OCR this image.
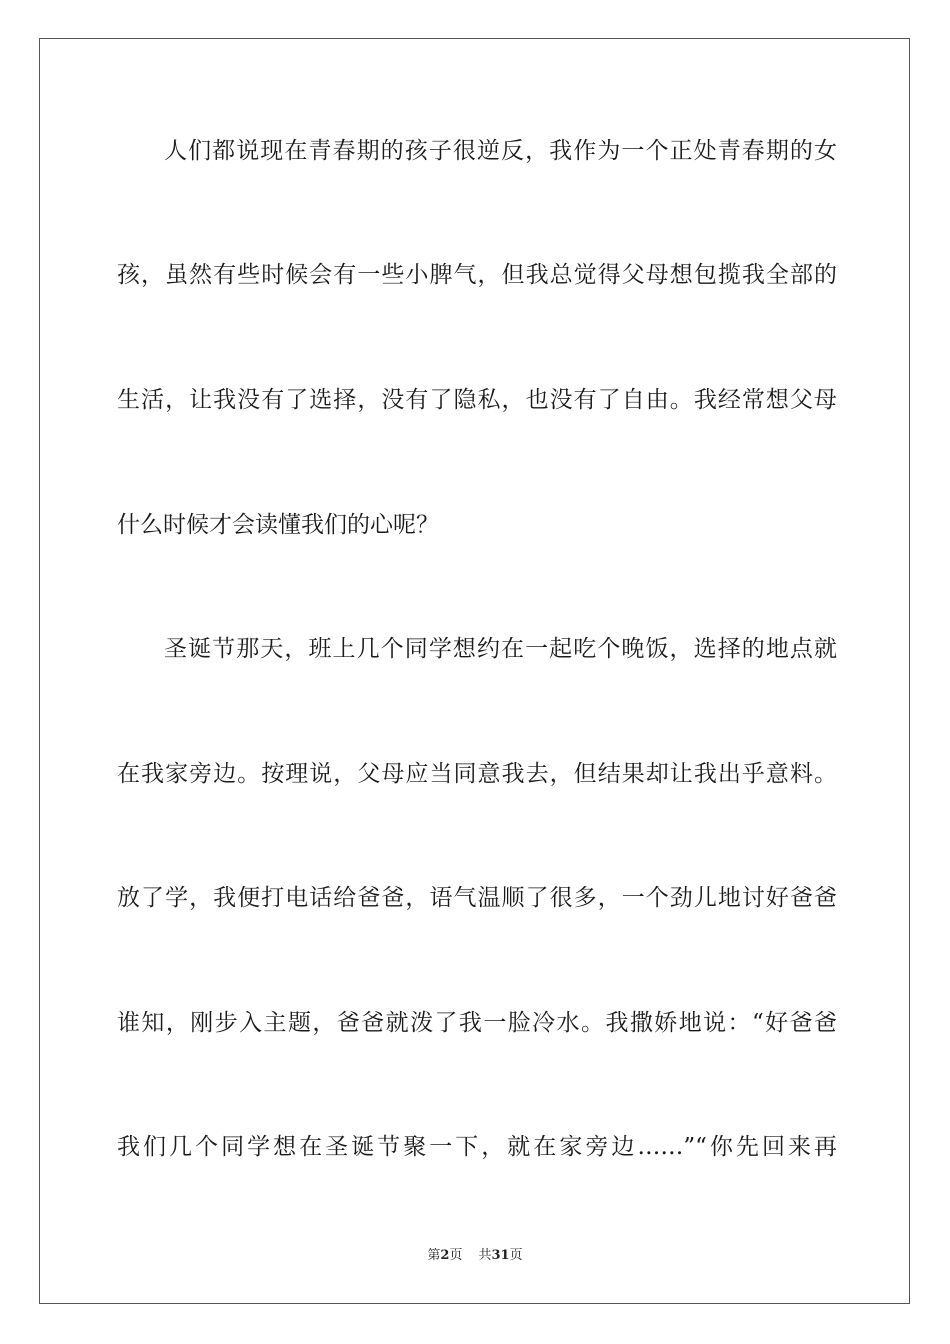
人们都说现在青春期的孩子很逆反，我作为一个正处青春期的女
孩，虽然有些时候会有一些小脾气，但我总觉得父母想包揽我全部的
生活，让我没有了选择，没有了隐私，也没有了自由。我经常想父母
什么时候才会读懂我们的心呢？
圣诞节那天，班上几个同学想约在一起吃个晚饭，选择的地点就
在我家旁边。按理说，父母应当同意我去，但结果却让我出乎意料。
放了学，我便打电话给爸爸，语气温顺了很多，一个劲儿地讨好爸爸
谁知，刚步入主题，爸爸就泼了我一脸冷水。我撒娇地说：“好爸爸
我们几个同学想在圣诞节聚一下，就在家旁边……”“你先回来再
第2页 共31页
